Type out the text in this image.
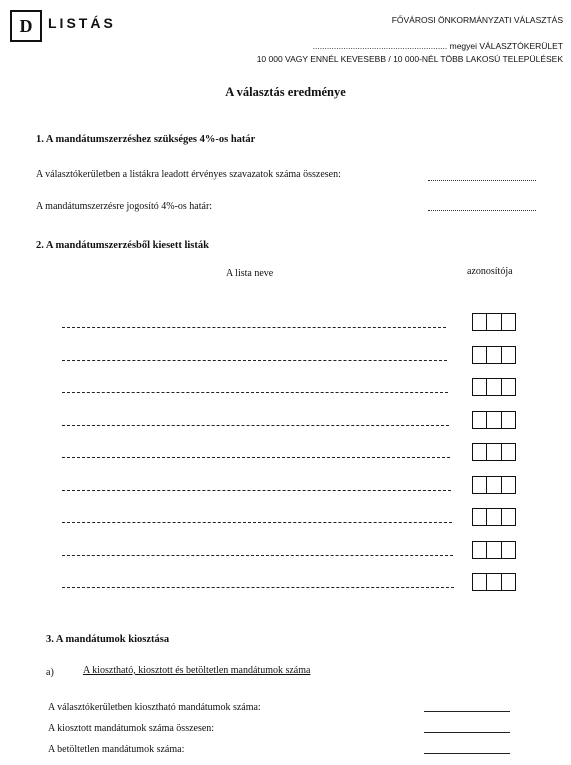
D	LISTÁS	FŐVÁROSI ÖNKORMÁNYZATI VÁLASZTÁS
......................................................... megyei VÁLASZTÓKERÜLET
10 000 VAGY ENNÉL KEVESEBB / 10 000-NÉL TÖBB LAKOSÚ TELEPÜLÉSEK
A választás eredménye
1. A mandátumszerzéshez szükséges 4%-os határ
A választókerületben a listákra leadott érvényes szavazatok száma összesen:
A mandátumszerzésre jogosító 4%-os határ:
2. A mandátumszerzésből kiesett listák
A lista neve	azonosítója
3. A mandátumok kiosztása
a)	A kiosztható, kiosztott és betöltetlen mandátumok száma
A választókerületben kiosztható mandátumok száma:
A kiosztott mandátumok száma összesen:
A betöltetlen mandátumok száma:
